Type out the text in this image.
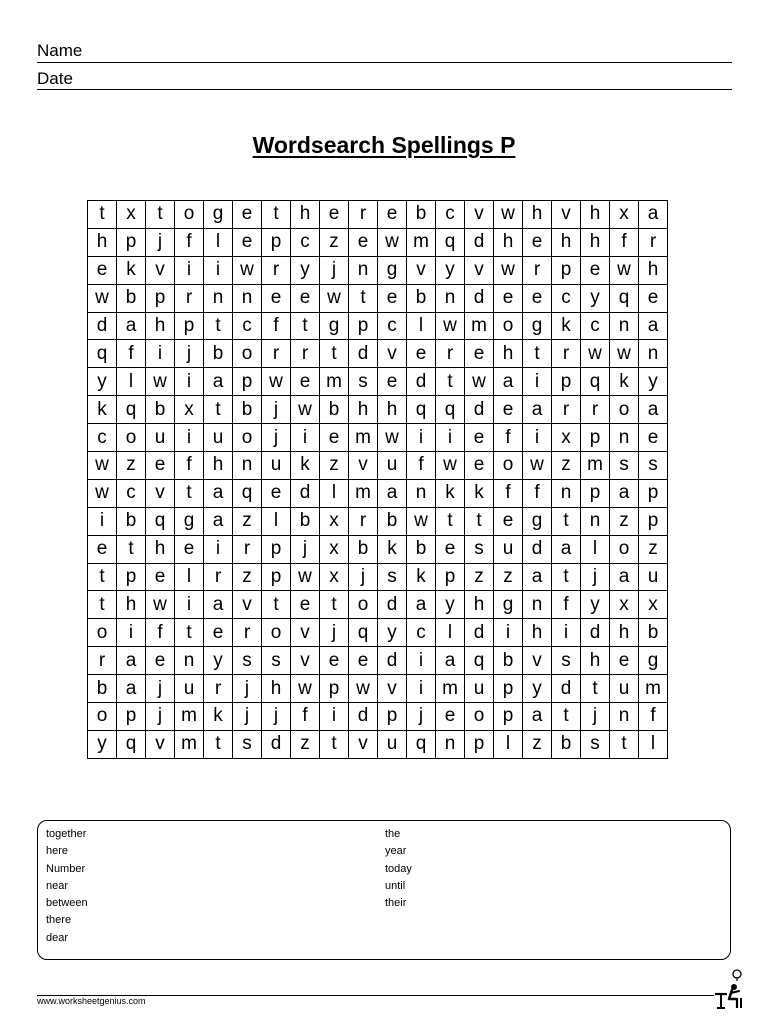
Name
Date
Wordsearch Spellings P
t	x	t	o	g	e	t	h	e	r	e	b	c	v	w	h	v	h	x	a
h	p	j	f	l	e	p	c	z	e	w	m	q	d	h	e	h	h	f	r
e	k	v	i	i	w	r	y	j	n	g	v	y	v	w	r	p	e	w	h
w	b	p	r	n	n	e	e	w	t	e	b	n	d	e	e	c	y	q	e
d	a	h	p	t	c	f	t	g	p	c	l	w	m	o	g	k	c	n	a
q	f	i	j	b	o	r	r	t	d	v	e	r	e	h	t	r	w	w	n
y	l	w	i	a	p	w	e	m	s	e	d	t	w	a	i	p	q	k	y
k	q	b	x	t	b	j	w	b	h	h	q	q	d	e	a	r	r	o	a
c	o	u	i	u	o	j	i	e	m	w	i	i	e	f	i	x	p	n	e
w	z	e	f	h	n	u	k	z	v	u	f	w	e	o	w	z	m	s	s
w	c	v	t	a	q	e	d	l	m	a	n	k	k	f	f	n	p	a	p
i	b	q	g	a	z	l	b	x	r	b	w	t	t	e	g	t	n	z	p
e	t	h	e	i	r	p	j	x	b	k	b	e	s	u	d	a	l	o	z
t	p	e	l	r	z	p	w	x	j	s	k	p	z	z	a	t	j	a	u
t	h	w	i	a	v	t	e	t	o	d	a	y	h	g	n	f	y	x	x
o	i	f	t	e	r	o	v	j	q	y	c	l	d	i	h	i	d	h	b
r	a	e	n	y	s	s	v	e	e	d	i	a	q	b	v	s	h	e	g
b	a	j	u	r	j	h	w	p	w	v	i	m	u	p	y	d	t	u	m
o	p	j	m	k	j	j	f	i	d	p	j	e	o	p	a	t	j	n	f
y	q	v	m	t	s	d	z	t	v	u	q	n	p	l	z	b	s	t	l
together
here
Number
near
between
there
dear
the
year
today
until
their
www.worksheetgenius.com
